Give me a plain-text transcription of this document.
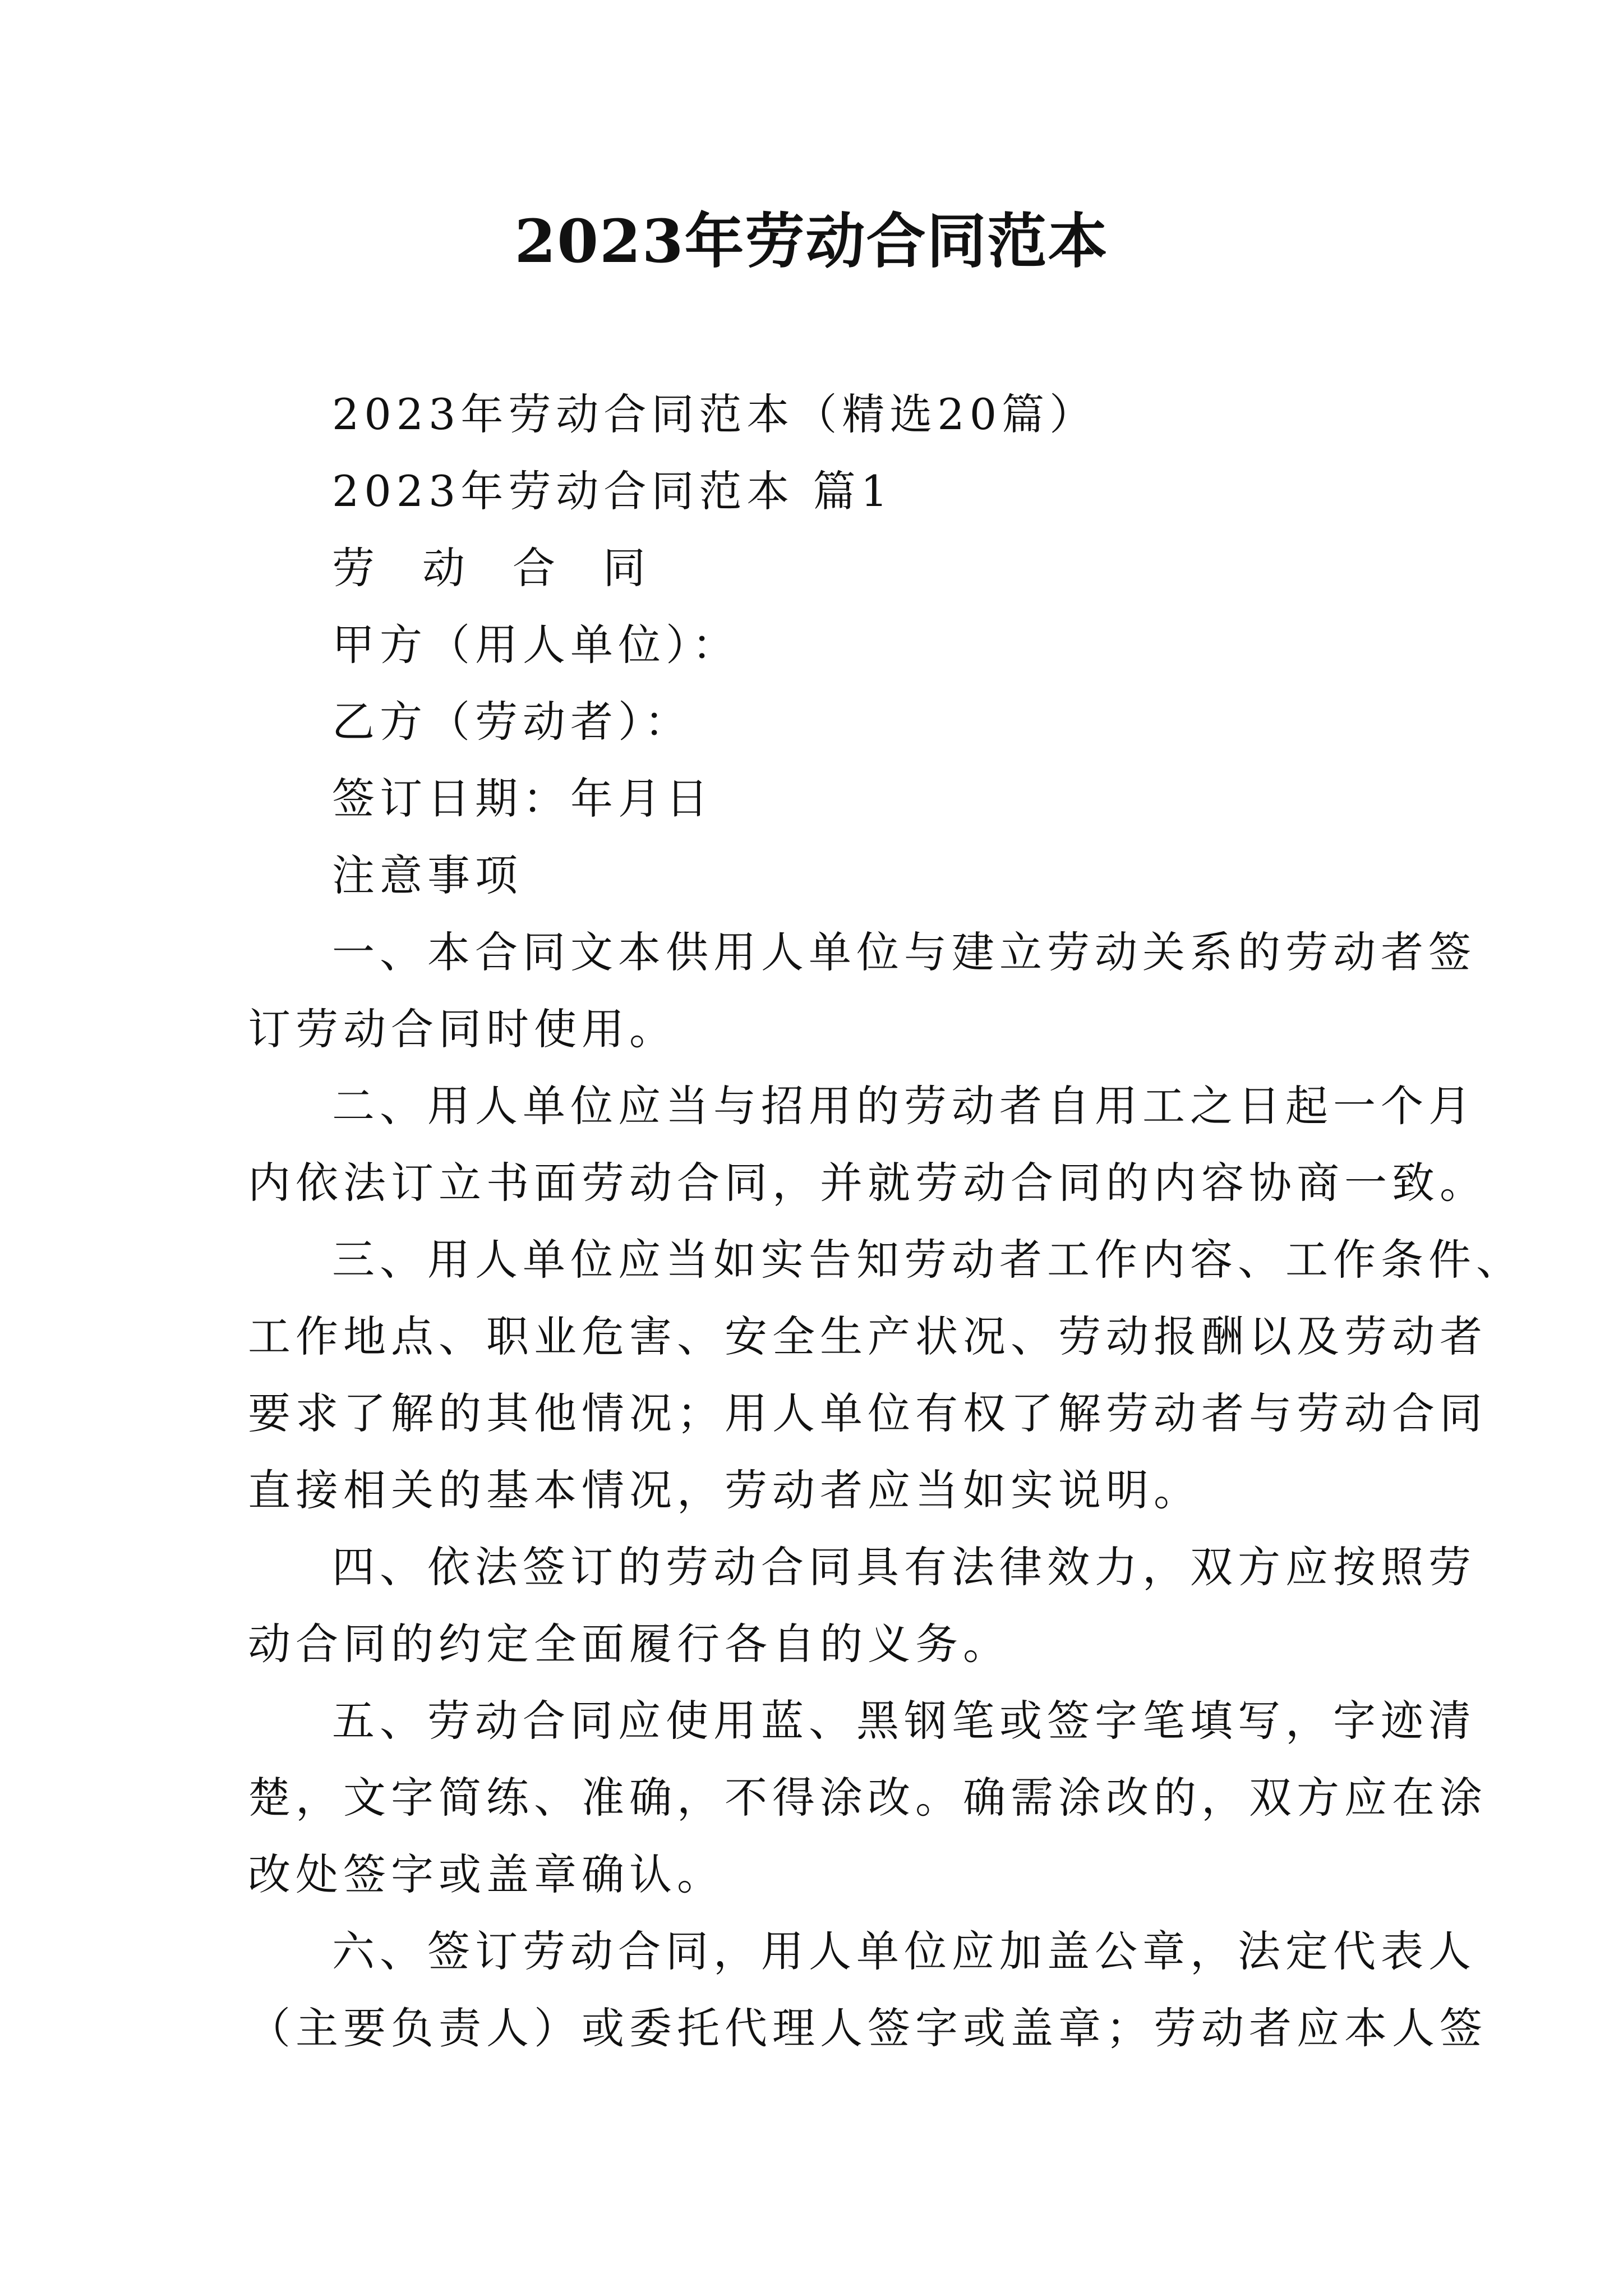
2023年劳动合同范本

2023年劳动合同范本（精选20篇）

2023年劳动合同范本 篇1

劳动合同

甲方（用人单位）：

乙方（劳动者）：

签订日期：年月日

注意事项

一、本合同文本供用人单位与建立劳动关系的劳动者签

订劳动合同时使用。

二、用人单位应当与招用的劳动者自用工之日起一个月

内依法订立书面劳动合同，并就劳动合同的内容协商一致。

三、用人单位应当如实告知劳动者工作内容、工作条件、

工作地点、职业危害、安全生产状况、劳动报酬以及劳动者

要求了解的其他情况；用人单位有权了解劳动者与劳动合同

直接相关的基本情况，劳动者应当如实说明。

四、依法签订的劳动合同具有法律效力，双方应按照劳

动合同的约定全面履行各自的义务。

五、劳动合同应使用蓝、黑钢笔或签字笔填写，字迹清

楚，文字简练、准确，不得涂改。确需涂改的，双方应在涂

改处签字或盖章确认。

六、签订劳动合同，用人单位应加盖公章，法定代表人

（主要负责人）或委托代理人签字或盖章；劳动者应本人签
